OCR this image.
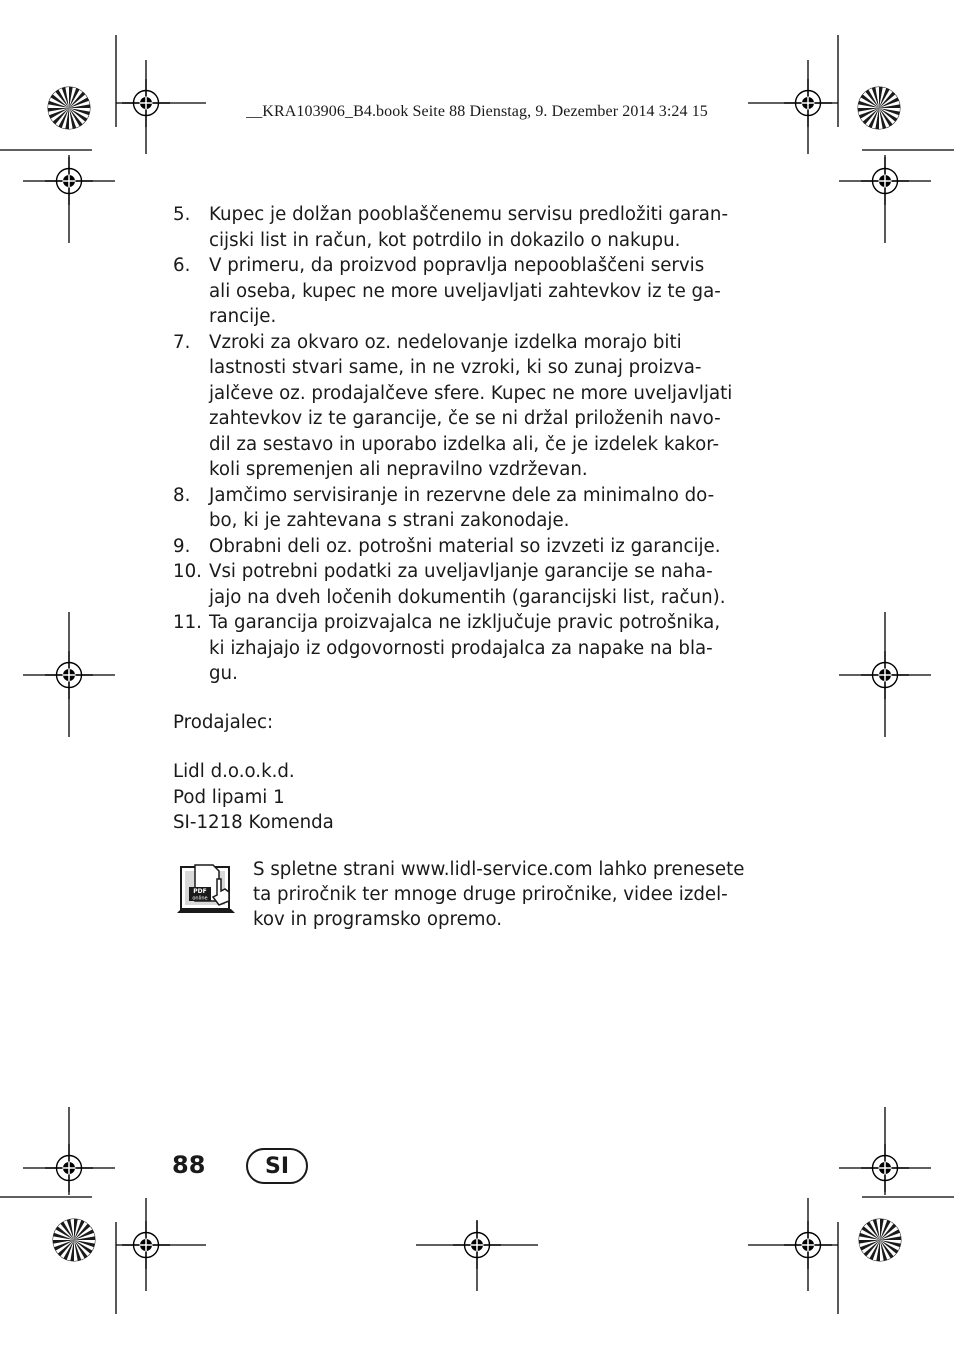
__KRA103906_B4.book Seite 88 Dienstag, 9. Dezember 2014 3:24 15
5.	Kupec je dolžan pooblaščenemu servisu predložiti garan-
cijski list in račun, kot potrdilo in dokazilo o nakupu.
6.	V primeru, da proizvod popravlja nepooblaščeni servis
ali oseba, kupec ne more uveljavljati zahtevkov iz te ga-
rancije.
7.	Vzroki za okvaro oz. nedelovanje izdelka morajo biti
lastnosti stvari same, in ne vzroki, ki so zunaj proizva-
jalčeve oz. prodajalčeve sfere. Kupec ne more uveljavljati
zahtevkov iz te garancije, če se ni držal priloženih navo-
dil za sestavo in uporabo izdelka ali, če je izdelek kakor-
koli spremenjen ali nepravilno vzdrževan.
8.	Jamčimo servisiranje in rezervne dele za minimalno do-
bo, ki je zahtevana s strani zakonodaje.
9.	Obrabni deli oz. potrošni material so izvzeti iz garancije.
10. Vsi potrebni podatki za uveljavljanje garancije se naha-
jajo na dveh ločenih dokumentih (garancijski list, račun).
11. Ta garancija proizvajalca ne izključuje pravic potrošnika,
ki izhajajo iz odgovornosti prodajalca za napake na bla-
gu.
Prodajalec:
Lidl d.o.o.k.d.
Pod lipami 1
SI-1218 Komenda
PDF
online
S spletne strani www.lidl-service.com lahko prenesete
ta priročnik ter mnoge druge priročnike, videe izdel-
kov in programsko opremo.
88	SI
